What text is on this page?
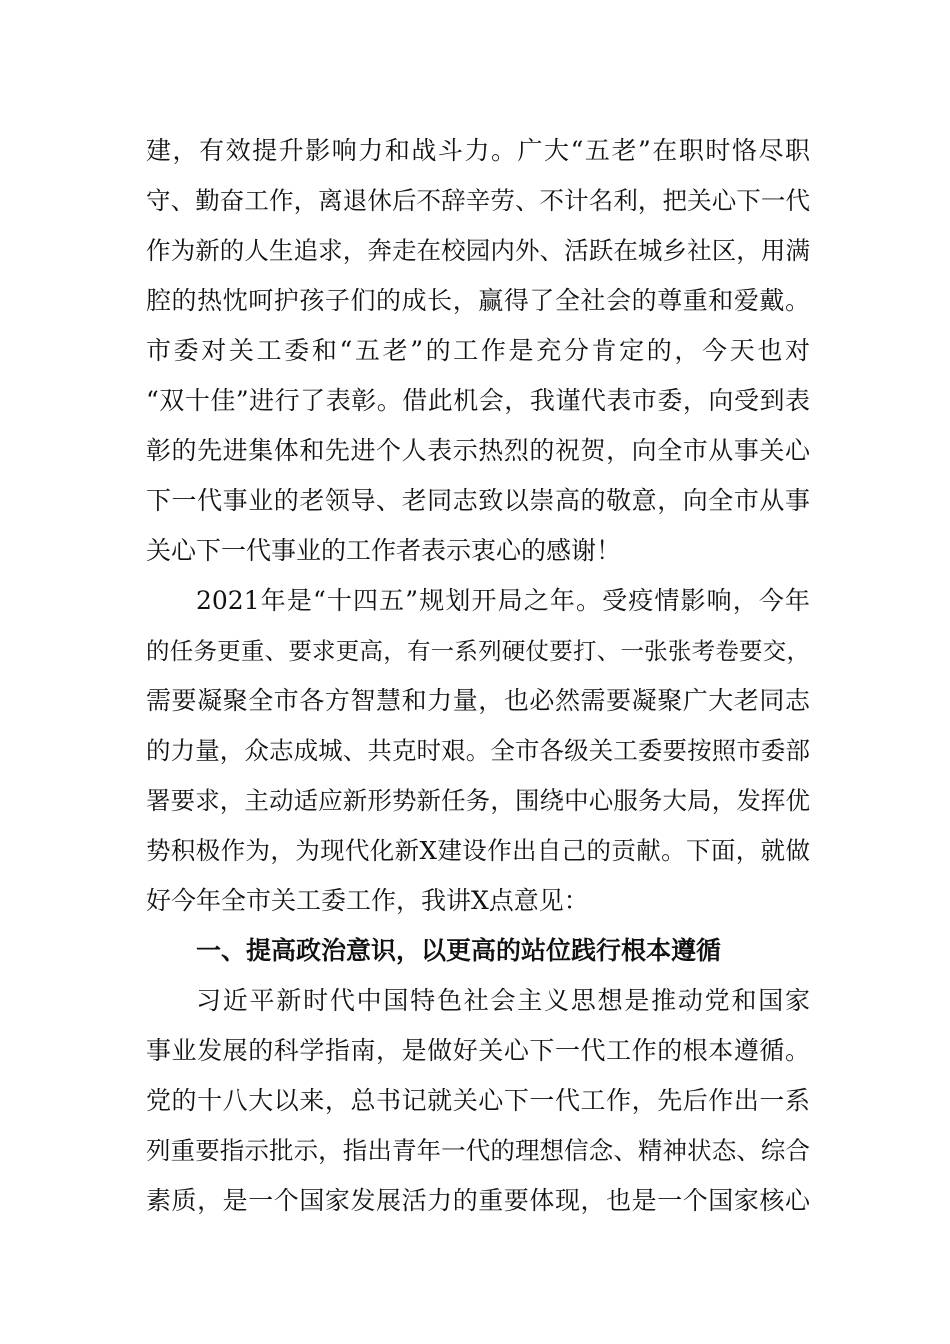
建，有效提升影响力和战斗力。广大“五老”在职时恪尽职
守、勤奋工作，离退休后不辞辛劳、不计名利，把关心下一代
作为新的人生追求，奔走在校园内外、活跃在城乡社区，用满
腔的热忱呵护孩子们的成长，赢得了全社会的尊重和爱戴。
市委对关工委和“五老”的工作是充分肯定的，今天也对
“双十佳”进行了表彰。借此机会，我谨代表市委，向受到表
彰的先进集体和先进个人表示热烈的祝贺，向全市从事关心
下一代事业的老领导、老同志致以崇高的敬意，向全市从事
关心下一代事业的工作者表示衷心的感谢！
2021年是“十四五”规划开局之年。受疫情影响，今年
的任务更重、要求更高，有一系列硬仗要打、一张张考卷要交，
需要凝聚全市各方智慧和力量，也必然需要凝聚广大老同志
的力量，众志成城、共克时艰。全市各级关工委要按照市委部
署要求，主动适应新形势新任务，围绕中心服务大局，发挥优
势积极作为，为现代化新X建设作出自己的贡献。下面，就做
好今年全市关工委工作，我讲X点意见：
一、提高政治意识，以更高的站位践行根本遵循
习近平新时代中国特色社会主义思想是推动党和国家
事业发展的科学指南，是做好关心下一代工作的根本遵循。
党的十八大以来，总书记就关心下一代工作，先后作出一系
列重要指示批示，指出青年一代的理想信念、精神状态、综合
素质，是一个国家发展活力的重要体现，也是一个国家核心
